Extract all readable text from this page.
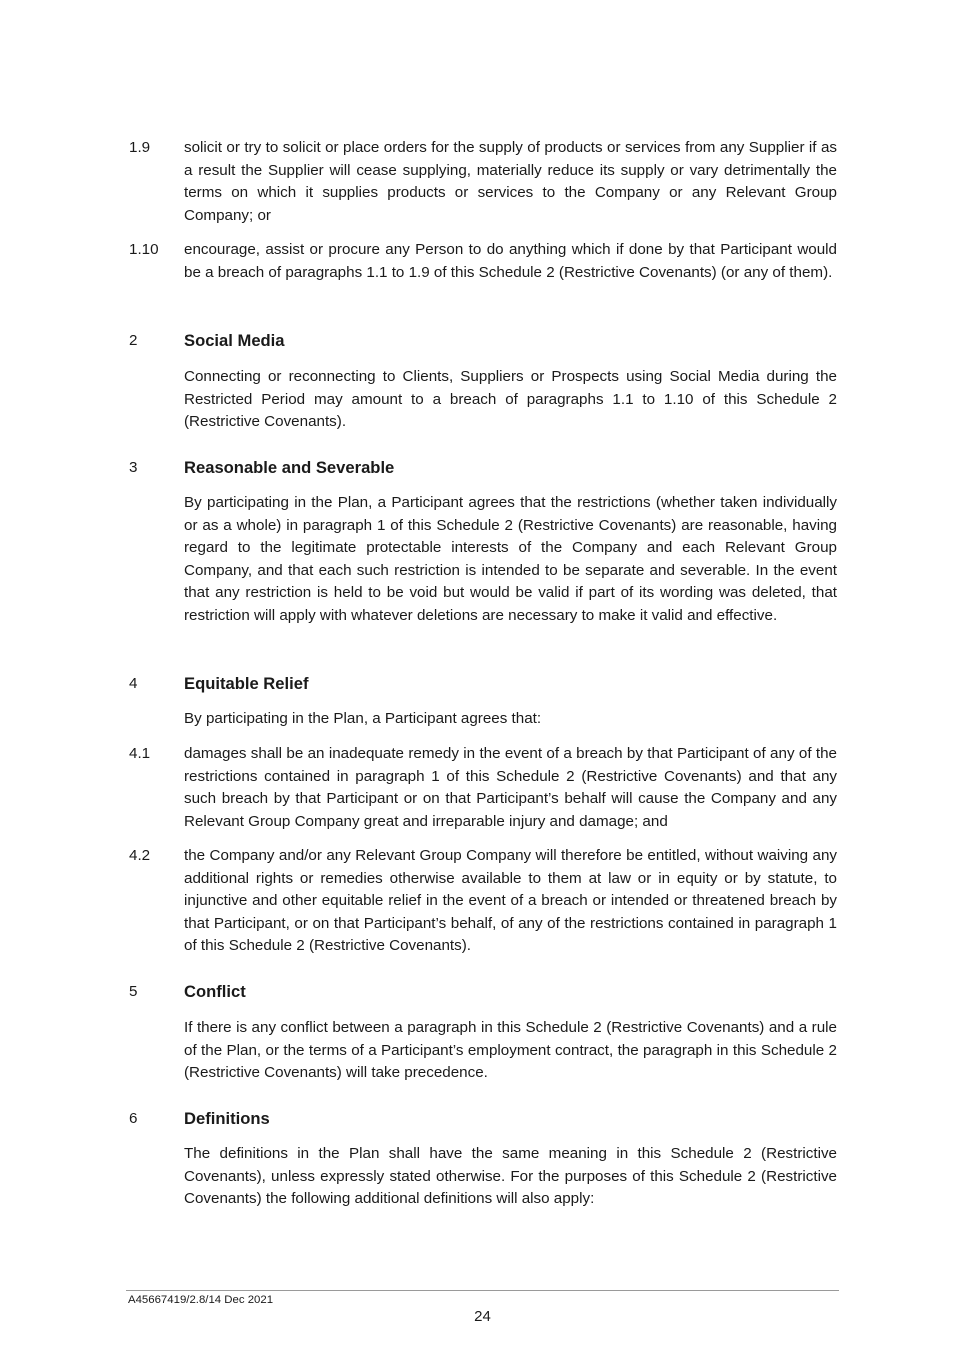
1.9 solicit or try to solicit or place orders for the supply of products or services from any Supplier if as a result the Supplier will cease supplying, materially reduce its supply or vary detrimentally the terms on which it supplies products or services to the Company or any Relevant Group Company; or
1.10 encourage, assist or procure any Person to do anything which if done by that Participant would be a breach of paragraphs 1.1 to 1.9 of this Schedule 2 (Restrictive Covenants) (or any of them).
2	Social Media
Connecting or reconnecting to Clients, Suppliers or Prospects using Social Media during the Restricted Period may amount to a breach of paragraphs 1.1 to 1.10 of this Schedule 2 (Restrictive Covenants).
3	Reasonable and Severable
By participating in the Plan, a Participant agrees that the restrictions (whether taken individually or as a whole) in paragraph 1 of this Schedule 2 (Restrictive Covenants) are reasonable, having regard to the legitimate protectable interests of the Company and each Relevant Group Company, and that each such restriction is intended to be separate and severable. In the event that any restriction is held to be void but would be valid if part of its wording was deleted, that restriction will apply with whatever deletions are necessary to make it valid and effective.
4	Equitable Relief
By participating in the Plan, a Participant agrees that:
4.1 damages shall be an inadequate remedy in the event of a breach by that Participant of any of the restrictions contained in paragraph 1 of this Schedule 2 (Restrictive Covenants) and that any such breach by that Participant or on that Participant’s behalf will cause the Company and any Relevant Group Company great and irreparable injury and damage; and
4.2 the Company and/or any Relevant Group Company will therefore be entitled, without waiving any additional rights or remedies otherwise available to them at law or in equity or by statute, to injunctive and other equitable relief in the event of a breach or intended or threatened breach by that Participant, or on that Participant’s behalf, of any of the restrictions contained in paragraph 1 of this Schedule 2 (Restrictive Covenants).
5	Conflict
If there is any conflict between a paragraph in this Schedule 2 (Restrictive Covenants) and a rule of the Plan, or the terms of a Participant’s employment contract, the paragraph in this Schedule 2 (Restrictive Covenants) will take precedence.
6	Definitions
The definitions in the Plan shall have the same meaning in this Schedule 2 (Restrictive Covenants), unless expressly stated otherwise. For the purposes of this Schedule 2 (Restrictive Covenants) the following additional definitions will also apply:
A45667419/2.8/14 Dec 2021
24
